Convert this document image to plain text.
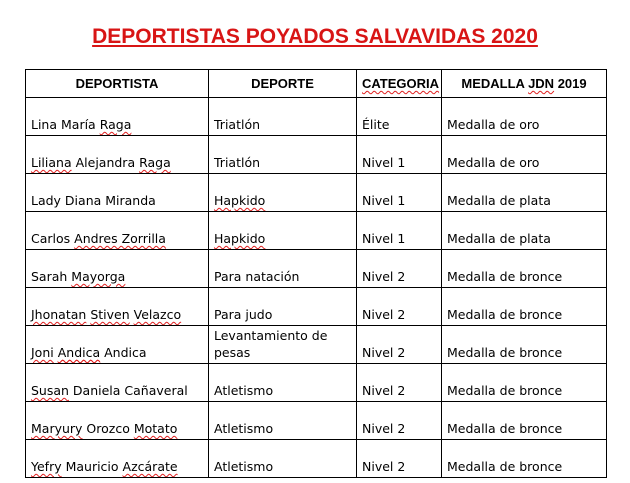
DEPORTISTAS POYADOS SALVAVIDAS 2020
DEPORTISTA	DEPORTE	CATEGORIA	MEDALLA JDN 2019
Lina María Raga	Triatlón	Élite	Medalla de oro
Liliana Alejandra Raga	Triatlón	Nivel 1	Medalla de oro
Lady Diana Miranda	Hapkido	Nivel 1	Medalla de plata
Carlos Andres Zorrilla	Hapkido	Nivel 1	Medalla de plata
Sarah Mayorga	Para natación	Nivel 2	Medalla de bronce
Jhonatan Stiven Velazco	Para judo	Nivel 2	Medalla de bronce
Joni Andica Andica	Levantamiento de pesas	Nivel 2	Medalla de bronce
Susan Daniela Cañaveral	Atletismo	Nivel 2	Medalla de bronce
Maryury Orozco Motato	Atletismo	Nivel 2	Medalla de bronce
Yefry Mauricio Azcárate	Atletismo	Nivel 2	Medalla de bronce
